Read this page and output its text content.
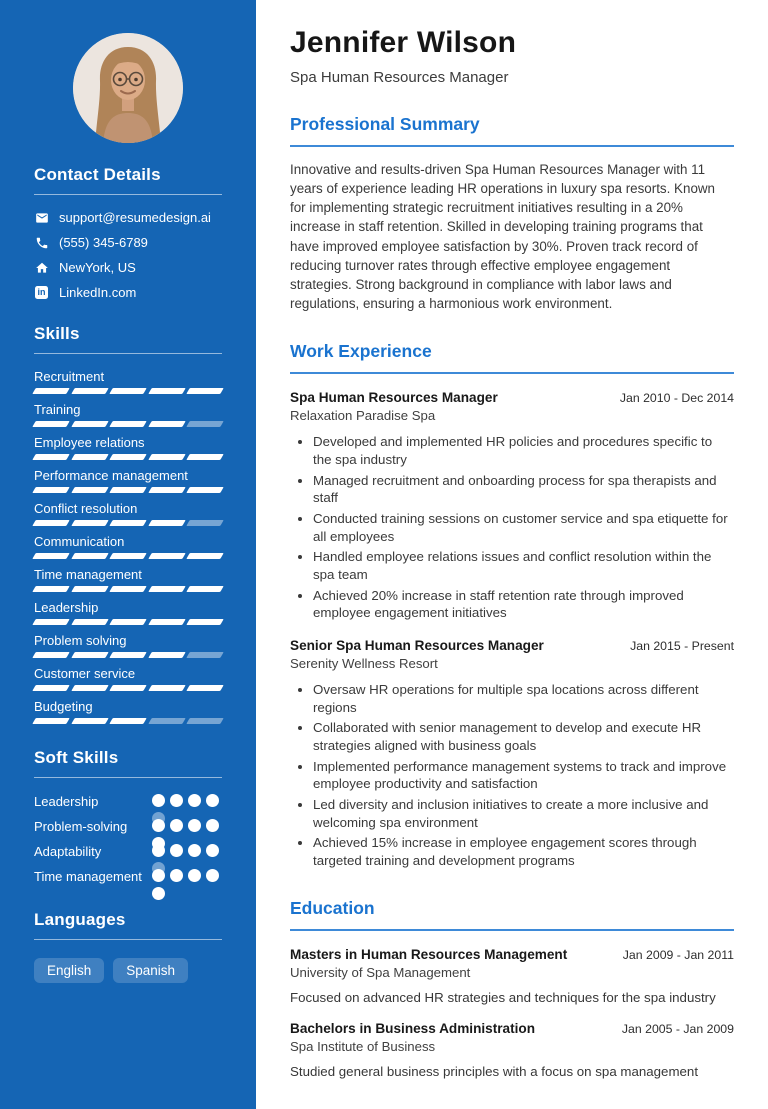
Contact Details
support@resumedesign.ai
(555) 345-6789
NewYork, US
in LinkedIn.com
Skills
Recruitment
Training
Employee relations
Performance management
Conflict resolution
Communication
Time management
Leadership
Problem solving
Customer service
Budgeting
Soft Skills
Leadership
Problem-solving
Adaptability
Time management
Languages
English	Spanish
Jennifer Wilson
Spa Human Resources Manager
Professional Summary

Innovative and results-driven Spa Human Resources Manager with 11 years of experience leading HR operations in luxury spa resorts. Known for implementing strategic recruitment initiatives resulting in a 20% increase in staff retention. Skilled in developing training programs that have improved employee satisfaction by 30%. Proven track record of reducing turnover rates through effective employee engagement strategies. Strong background in compliance with labor laws and regulations, ensuring a harmonious work environment.

Work Experience
Spa Human Resources Manager	Jan 2010 - Dec 2014
Relaxation Paradise Spa
• Developed and implemented HR policies and procedures specific to the spa industry
• Managed recruitment and onboarding process for spa therapists and staff
• Conducted training sessions on customer service and spa etiquette for all employees
• Handled employee relations issues and conflict resolution within the spa team
• Achieved 20% increase in staff retention rate through improved employee engagement initiatives
Senior Spa Human Resources Manager	Jan 2015 - Present
Serenity Wellness Resort
• Oversaw HR operations for multiple spa locations across different regions
• Collaborated with senior management to develop and execute HR strategies aligned with business goals
• Implemented performance management systems to track and improve employee productivity and satisfaction
• Led diversity and inclusion initiatives to create a more inclusive and welcoming spa environment
• Achieved 15% increase in employee engagement scores through targeted training and development programs
Education
Masters in Human Resources Management	Jan 2009 - Jan 2011
University of Spa Management
Focused on advanced HR strategies and techniques for the spa industry
Bachelors in Business Administration	Jan 2005 - Jan 2009
Spa Institute of Business
Studied general business principles with a focus on spa management
